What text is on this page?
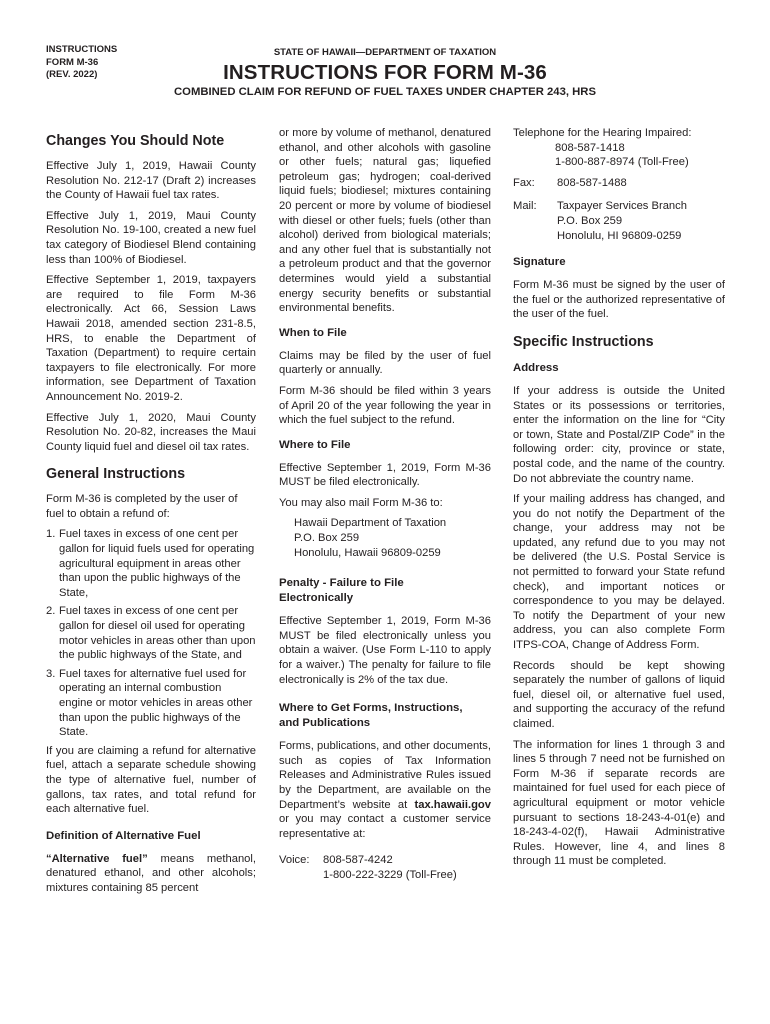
INSTRUCTIONS
FORM M-36
(REV. 2022)
STATE OF HAWAII—DEPARTMENT OF TAXATION
INSTRUCTIONS FOR FORM M-36
COMBINED CLAIM FOR REFUND OF FUEL TAXES UNDER CHAPTER 243, HRS
Changes You Should Note

Effective July 1, 2019, Hawaii County Resolution No. 212-17 (Draft 2) increases the County of Hawaii fuel tax rates.

Effective July 1, 2019, Maui County Resolution No. 19-100, created a new fuel tax category of Biodiesel Blend containing less than 100% of Biodiesel.

Effective September 1, 2019, taxpayers are required to file Form M-36 electronically. Act 66, Session Laws Hawaii 2018, amended section 231-8.5, HRS, to enable the Department of Taxation (Department) to require certain taxpayers to file electronically. For more information, see Department of Taxation Announcement No. 2019-2.

Effective July 1, 2020, Maui County Resolution No. 20-82, increases the Maui County liquid fuel and diesel oil tax rates.

General Instructions

Form M-36 is completed by the user of fuel to obtain a refund of:

1. Fuel taxes in excess of one cent per gallon for liquid fuels used for operating agricultural equipment in areas other than upon the public highways of the State,
2. Fuel taxes in excess of one cent per gallon for diesel oil used for operating motor vehicles in areas other than upon the public highways of the State, and
3. Fuel taxes for alternative fuel used for operating an internal combustion engine or motor vehicles in areas other than upon the public highways of the State.

If you are claiming a refund for alternative fuel, attach a separate schedule showing the type of alternative fuel, number of gallons, tax rates, and total refund for each alternative fuel.

Definition of Alternative Fuel

“Alternative fuel” means methanol, denatured ethanol, and other alcohols; mixtures containing 85 percent

or more by volume of methanol, denatured ethanol, and other alcohols with gasoline or other fuels; natural gas; liquefied petroleum gas; hydrogen; coal-derived liquid fuels; biodiesel; mixtures containing 20 percent or more by volume of biodiesel with diesel or other fuels; fuels (other than alcohol) derived from biological materials; and any other fuel that is substantially not a petroleum product and that the governor determines would yield a substantial energy security benefits or substantial environmental benefits.

When to File

Claims may be filed by the user of fuel quarterly or annually.

Form M-36 should be filed within 3 years of April 20 of the year following the year in which the fuel subject to the refund.

Where to File

Effective September 1, 2019, Form M-36 MUST be filed electronically.

You may also mail Form M-36 to:

Hawaii Department of Taxation
P.O. Box 259
Honolulu, Hawaii 96809-0259
Penalty - Failure to File
Electronically

Effective September 1, 2019, Form M-36 MUST be filed electronically unless you obtain a waiver. (Use Form L-110 to apply for a waiver.) The penalty for failure to file electronically is 2% of the tax due.

Where to Get Forms, Instructions,
and Publications

Forms, publications, and other documents, such as copies of Tax Information Releases and Administrative Rules issued by the Department, are available on the Department’s website at tax.hawaii.gov or you may contact a customer service representative at:

Voice:	808-587-4242
1-800-222-3229 (Toll-Free)
Telephone for the Hearing Impaired:
808-587-1418
1-800-887-8974 (Toll-Free)
Fax:	808-587-1488
Mail:	Taxpayer Services Branch
P.O. Box 259
Honolulu, HI 96809-0259
Signature

Form M-36 must be signed by the user of the fuel or the authorized representative of the user of the fuel.

Specific Instructions
Address

If your address is outside the United States or its possessions or territories, enter the information on the line for “City or town, State and Postal/ZIP Code” in the following order: city, province or state, postal code, and the name of the country. Do not abbreviate the country name.

If your mailing address has changed, and you do not notify the Department of the change, your address may not be updated, any refund due to you may not be delivered (the U.S. Postal Service is not permitted to forward your State refund check), and important notices or correspondence to you may be delayed. To notify the Department of your new address, you can also complete Form ITPS-COA, Change of Address Form.

Records should be kept showing separately the number of gallons of liquid fuel, diesel oil, or alternative fuel used, and supporting the accuracy of the refund claimed.

The information for lines 1 through 3 and lines 5 through 7 need not be furnished on Form M-36 if separate records are maintained for fuel used for each piece of agricultural equipment or motor vehicle pursuant to sections 18-243-4-01(e) and 18-243-4-02(f), Hawaii Administrative Rules. However, line 4, and lines 8 through 11 must be completed.
